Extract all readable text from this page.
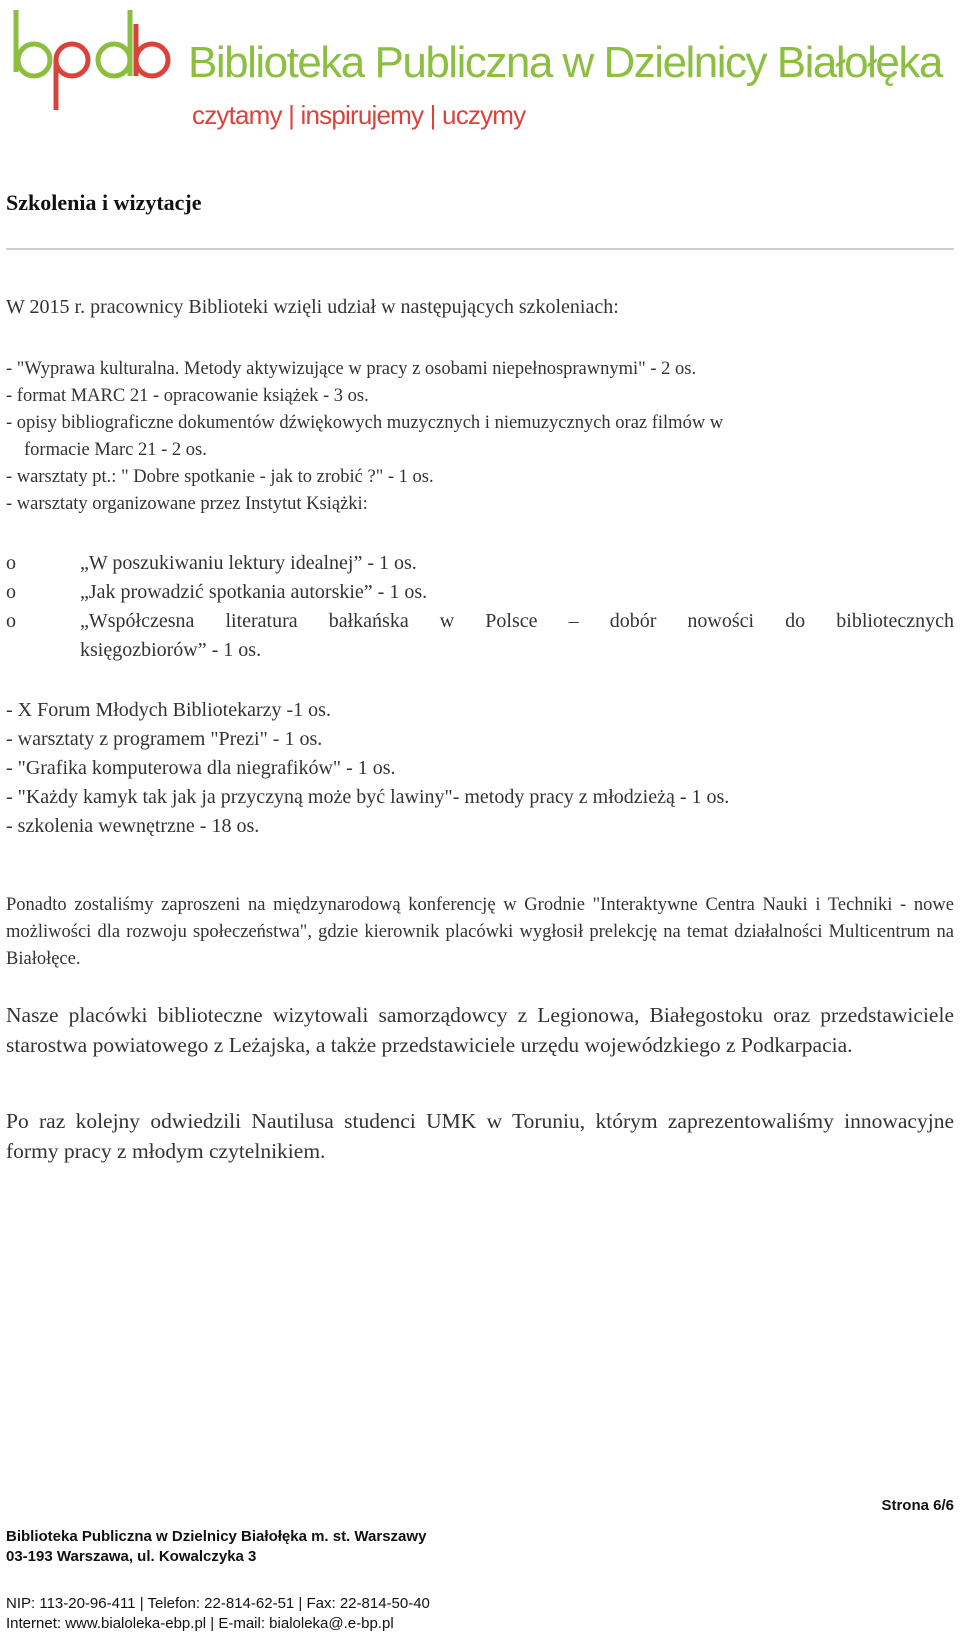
Biblioteka Publiczna w Dzielnicy Białołęka
czytamy | inspirujemy | uczymy
Szkolenia i wizytacje

W 2015 r. pracownicy Biblioteki wzięli udział w następujących szkoleniach:

- "Wyprawa kulturalna. Metody aktywizujące w pracy z osobami niepełnosprawnymi" - 2 os.
- format MARC 21 - opracowanie książek - 3 os.
- opisy bibliograficzne dokumentów dźwiękowych muzycznych i niemuzycznych oraz filmów w
formacie Marc 21 - 2 os.
- warsztaty pt.: " Dobre spotkanie - jak to zrobić ?" - 1 os.
- warsztaty organizowane przez Instytut Książki:
o	„W poszukiwaniu lektury idealnej” - 1 os.
o	„Jak prowadzić spotkania autorskie” - 1 os.
o	„Współczesna literatura bałkańska w Polsce – dobór nowości do bibliotecznych
księgozbiorów” - 1 os.
- X Forum Młodych Bibliotekarzy -1 os.
- warsztaty z programem "Prezi" - 1 os.
- "Grafika komputerowa dla niegrafików" - 1 os.
- "Każdy kamyk tak jak ja przyczyną może być lawiny"- metody pracy z młodzieżą - 1 os.
- szkolenia wewnętrzne - 18 os.

Ponadto zostaliśmy zaproszeni na międzynarodową konferencję w Grodnie "Interaktywne Centra Nauki i Techniki - nowe możliwości dla rozwoju społeczeństwa", gdzie kierownik placówki wygłosił prelekcję na temat działalności Multicentrum na Białołęce.

Nasze placówki biblioteczne wizytowali samorządowcy z Legionowa, Białegostoku oraz przedstawiciele starostwa powiatowego z Leżajska, a także przedstawiciele urzędu wojewódzkiego z Podkarpacia.

Po raz kolejny odwiedzili Nautilusa studenci UMK w Toruniu, którym zaprezentowaliśmy innowacyjne formy pracy z młodym czytelnikiem.

Strona 6/6
Biblioteka Publiczna w Dzielnicy Białołęka m. st. Warszawy
03-193 Warszawa, ul. Kowalczyka 3
NIP: 113-20-96-411 | Telefon: 22-814-62-51 | Fax: 22-814-50-40
Internet: www.bialoleka-ebp.pl | E-mail: bialoleka@.e-bp.pl
